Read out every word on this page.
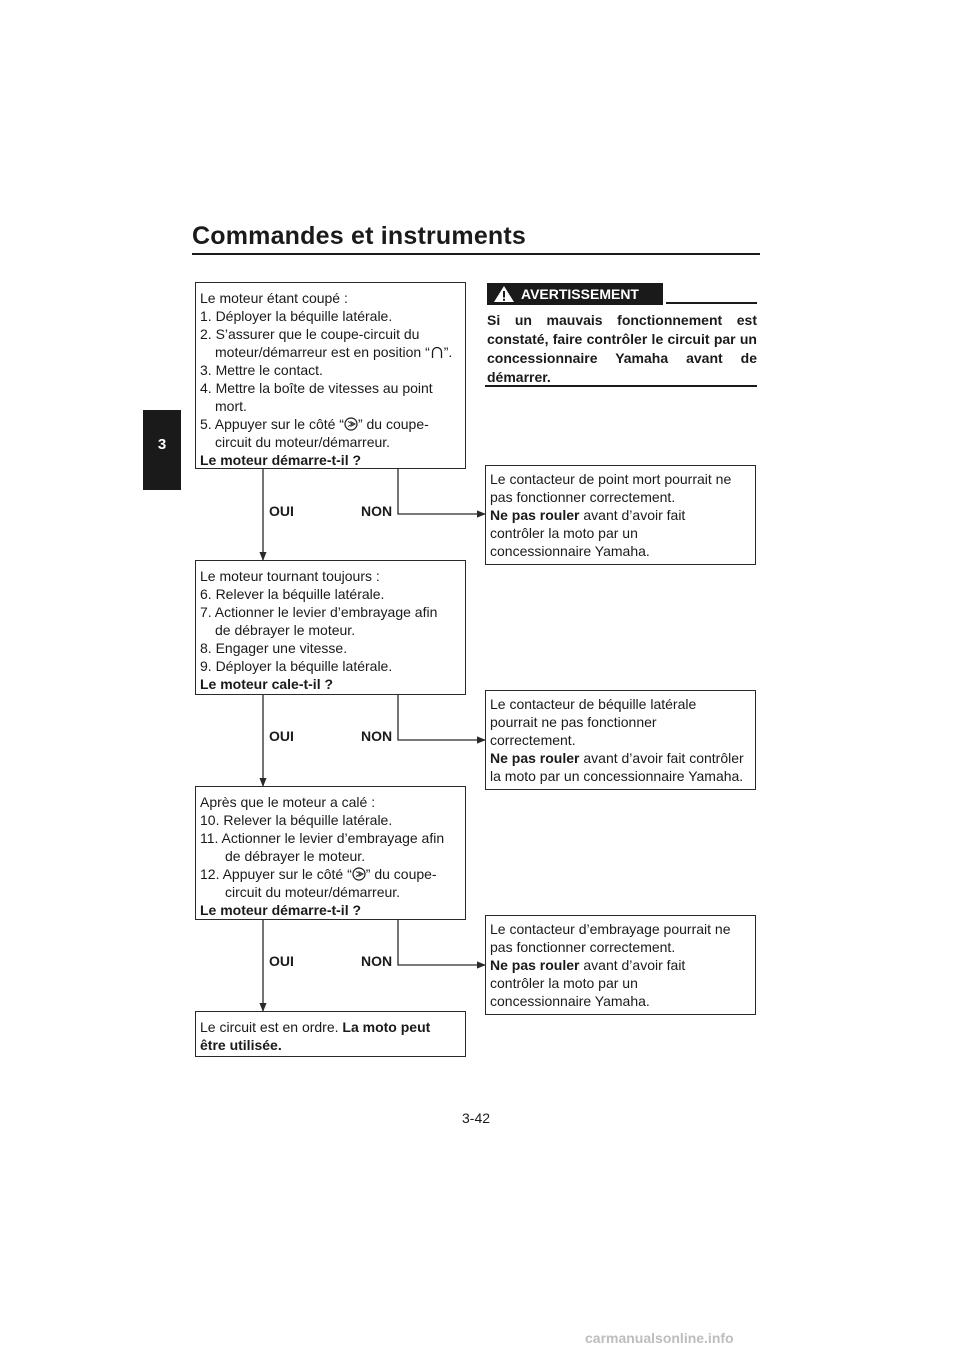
Commandes et instruments
3
Le moteur étant coupé :
1. Déployer la béquille latérale.
2. S’assurer que le coupe-circuit du
moteur/démarreur est en position “ ”.
3. Mettre le contact.
4. Mettre la boîte de vitesses au point
mort.
5. Appuyer sur le côté “ ” du coupe-
circuit du moteur/démarreur.
Le moteur démarre-t-il ?
OUI	NON
Le moteur tournant toujours :
6. Relever la béquille latérale.
7. Actionner le levier d’embrayage afin
de débrayer le moteur.
8. Engager une vitesse.
9. Déployer la béquille latérale.
Le moteur cale-t-il ?
OUI	NON
Après que le moteur a calé :
10. Relever la béquille latérale.
11. Actionner le levier d’embrayage afin
de débrayer le moteur.
12. Appuyer sur le côté “ ” du coupe-
circuit du moteur/démarreur.
Le moteur démarre-t-il ?
OUI	NON
Le circuit est en ordre. La moto peut
être utilisée.
AVERTISSEMENT
Si un mauvais fonctionnement est constaté, faire contrôler le circuit par un concessionnaire Yamaha avant de démarrer.
Le contacteur de point mort pourrait ne
pas fonctionner correctement.
Ne pas rouler avant d’avoir fait
contrôler la moto par un
concessionnaire Yamaha.
Le contacteur de béquille latérale
pourrait ne pas fonctionner
correctement.
Ne pas rouler avant d’avoir fait contrôler
la moto par un concessionnaire Yamaha.
Le contacteur d’embrayage pourrait ne
pas fonctionner correctement.
Ne pas rouler avant d’avoir fait
contrôler la moto par un
concessionnaire Yamaha.
3-42
carmanualsonline.info
